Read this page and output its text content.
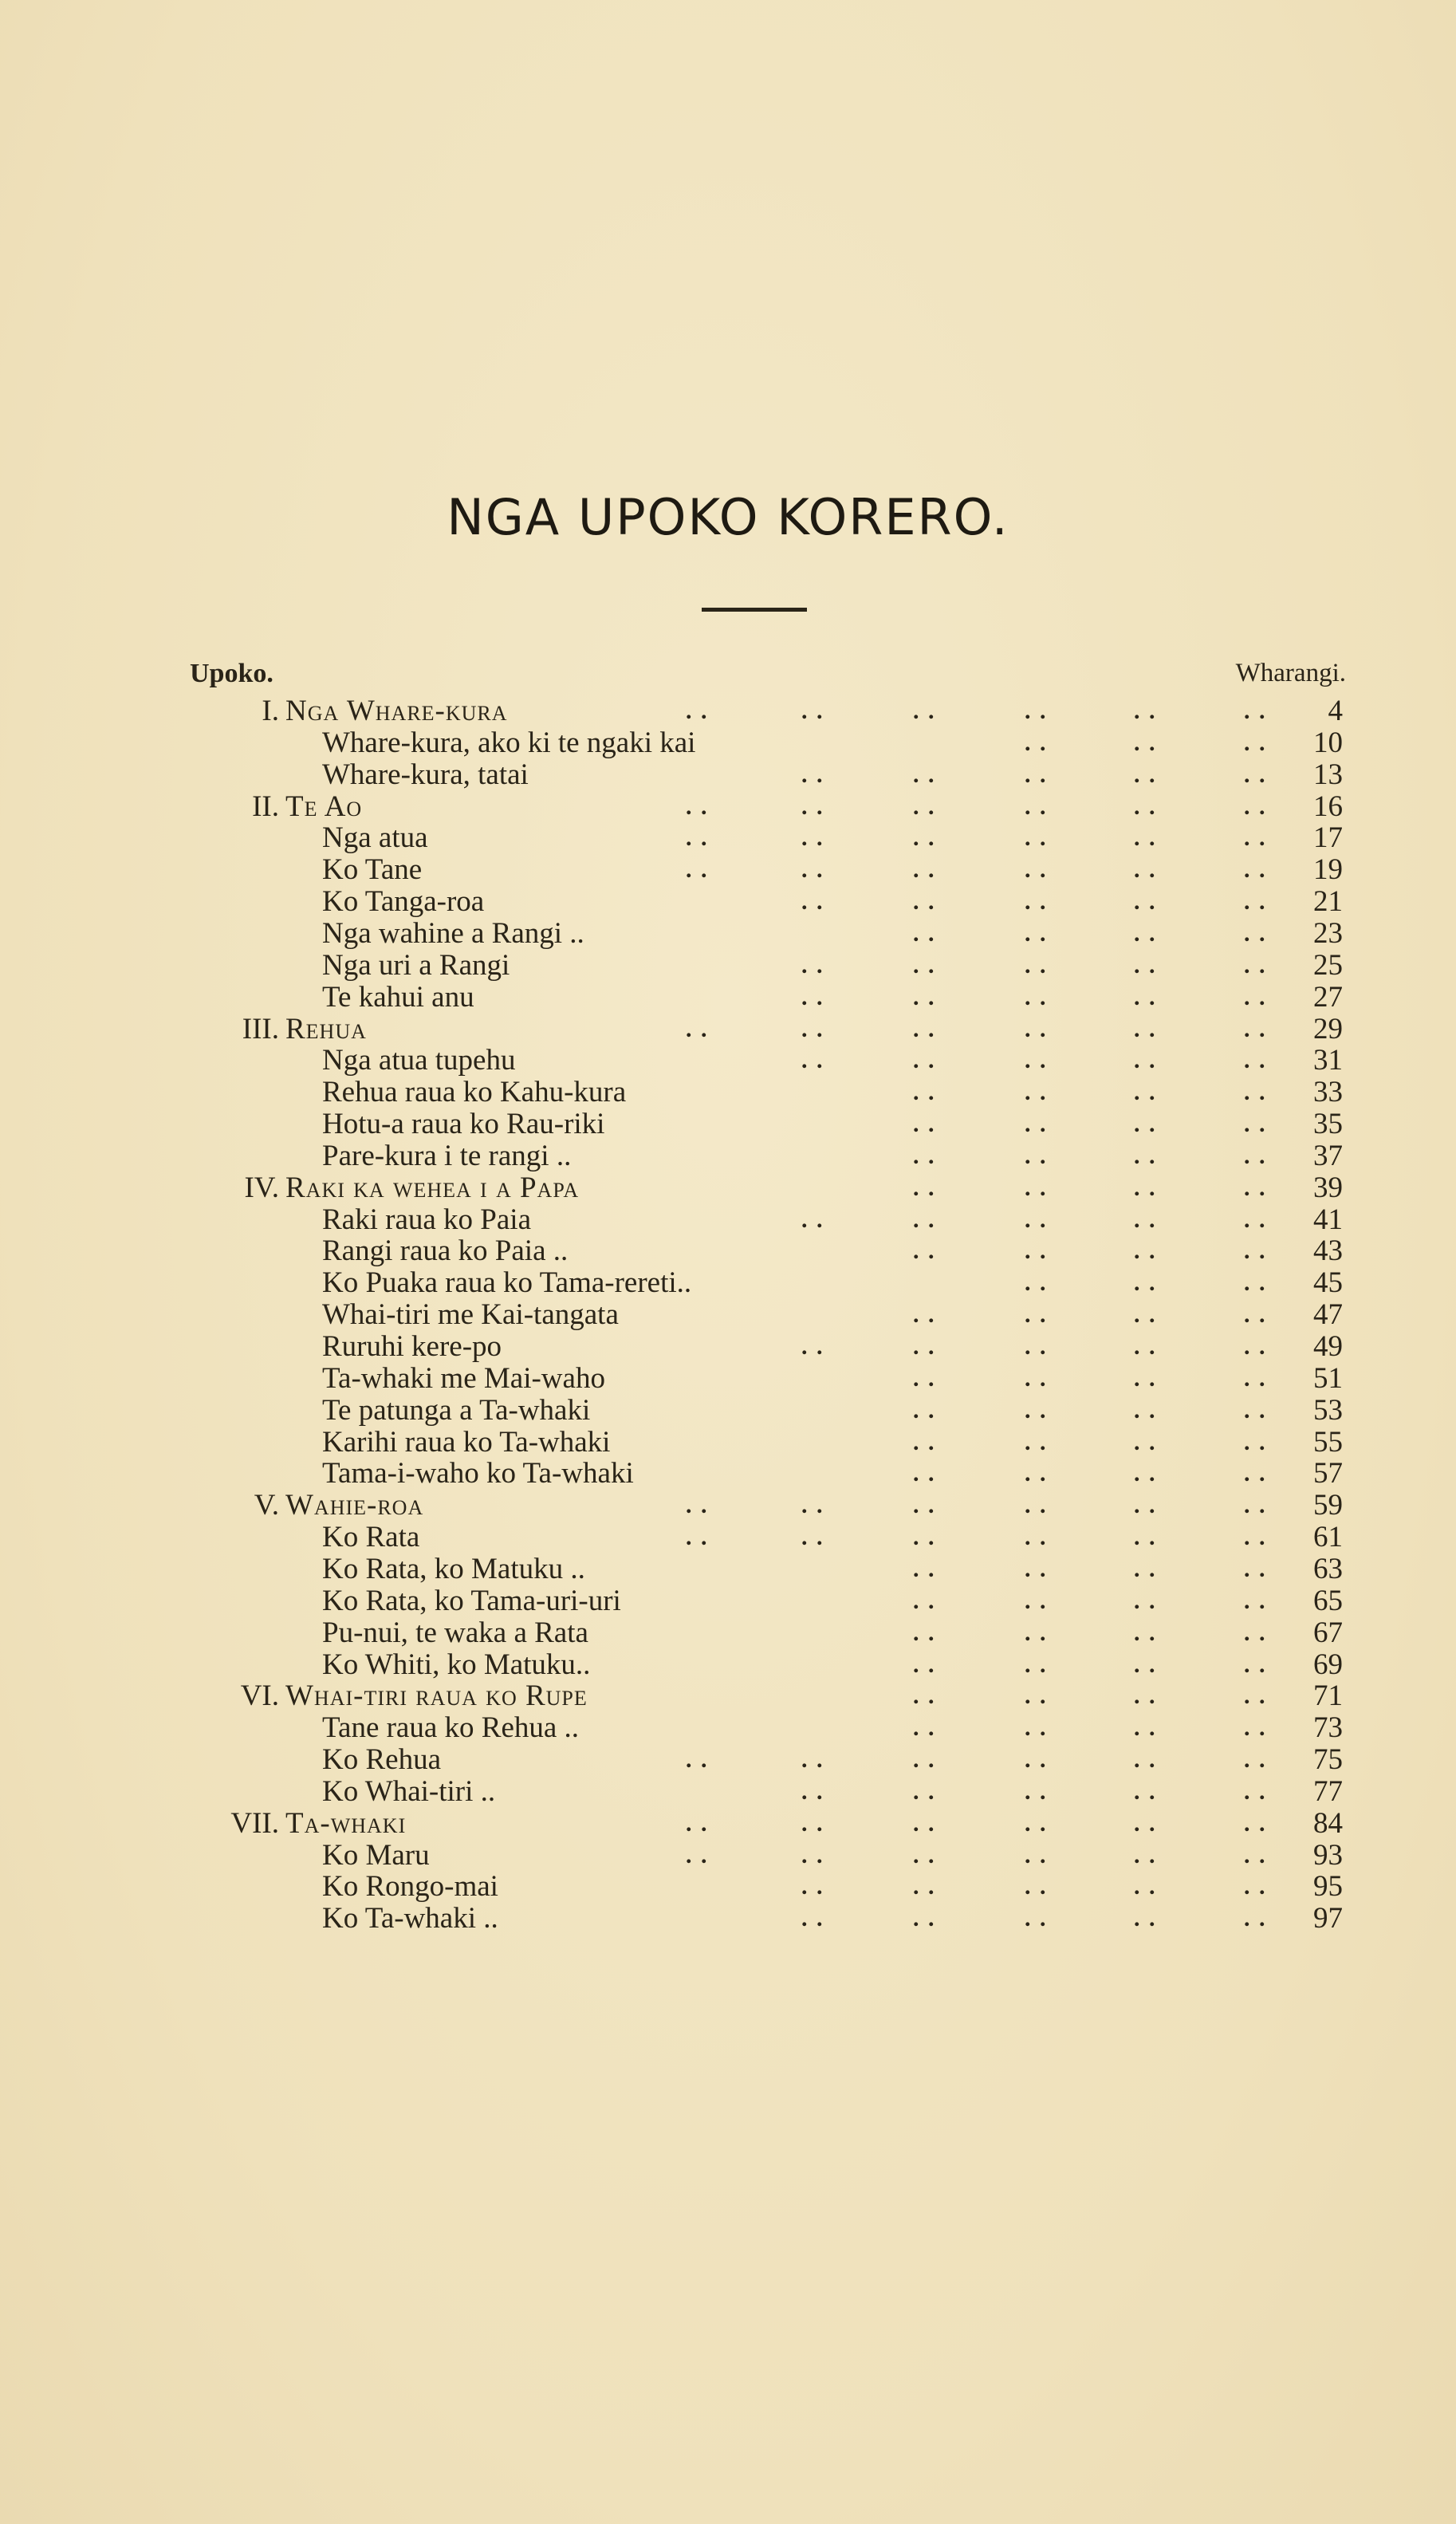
NGA UPOKO KORERO.
Upoko.	Wharangi.
I. Nga Whare-kura	. .	. .	. .	. .	. .	. .	4
Whare-kura, ako ki te ngaki kai	. .	. .	. .	10
Whare-kura, tatai	. .	. .	. .	. .	. .	13
II. Te Ao	. .	. .	. .	. .	. .	. .	16
Nga atua	. .	. .	. .	. .	. .	. .	17
Ko Tane	. .	. .	. .	. .	. .	. .	19
Ko Tanga-roa	. .	. .	. .	. .	. .	21
Nga wahine a Rangi ..	. .	. .	. .	. .	23
Nga uri a Rangi	. .	. .	. .	. .	. .	25
Te kahui anu	. .	. .	. .	. .	. .	27
III. Rehua	. .	. .	. .	. .	. .	. .	29
Nga atua tupehu	. .	. .	. .	. .	. .	31
Rehua raua ko Kahu-kura	. .	. .	. .	. .	33
Hotu-a raua ko Rau-riki	. .	. .	. .	. .	35
Pare-kura i te rangi ..	. .	. .	. .	. .	37
IV. Raki ka wehea i a Papa	. .	. .	. .	. .	39
Raki raua ko Paia	. .	. .	. .	. .	. .	41
Rangi raua ko Paia ..	. .	. .	. .	. .	43
Ko Puaka raua ko Tama-rereti..	. .	. .	. .	45
Whai-tiri me Kai-tangata	. .	. .	. .	. .	47
Ruruhi kere-po	. .	. .	. .	. .	. .	49
Ta-whaki me Mai-waho	. .	. .	. .	. .	51
Te patunga a Ta-whaki	. .	. .	. .	. .	53
Karihi raua ko Ta-whaki	. .	. .	. .	. .	55
Tama-i-waho ko Ta-whaki	. .	. .	. .	. .	57
V. Wahie-roa	. .	. .	. .	. .	. .	. .	59
Ko Rata	. .	. .	. .	. .	. .	. .	61
Ko Rata, ko Matuku ..	. .	. .	. .	. .	63
Ko Rata, ko Tama-uri-uri	. .	. .	. .	. .	65
Pu-nui, te waka a Rata	. .	. .	. .	. .	67
Ko Whiti, ko Matuku..	. .	. .	. .	. .	69
VI. Whai-tiri raua ko Rupe	. .	. .	. .	. .	71
Tane raua ko Rehua ..	. .	. .	. .	. .	73
Ko Rehua	. .	. .	. .	. .	. .	. .	75
Ko Whai-tiri ..	. .	. .	. .	. .	. .	77
VII. Ta-whaki	. .	. .	. .	. .	. .	. .	84
Ko Maru	. .	. .	. .	. .	. .	. .	93
Ko Rongo-mai	. .	. .	. .	. .	. .	95
Ko Ta-whaki ..	. .	. .	. .	. .	. .	97
